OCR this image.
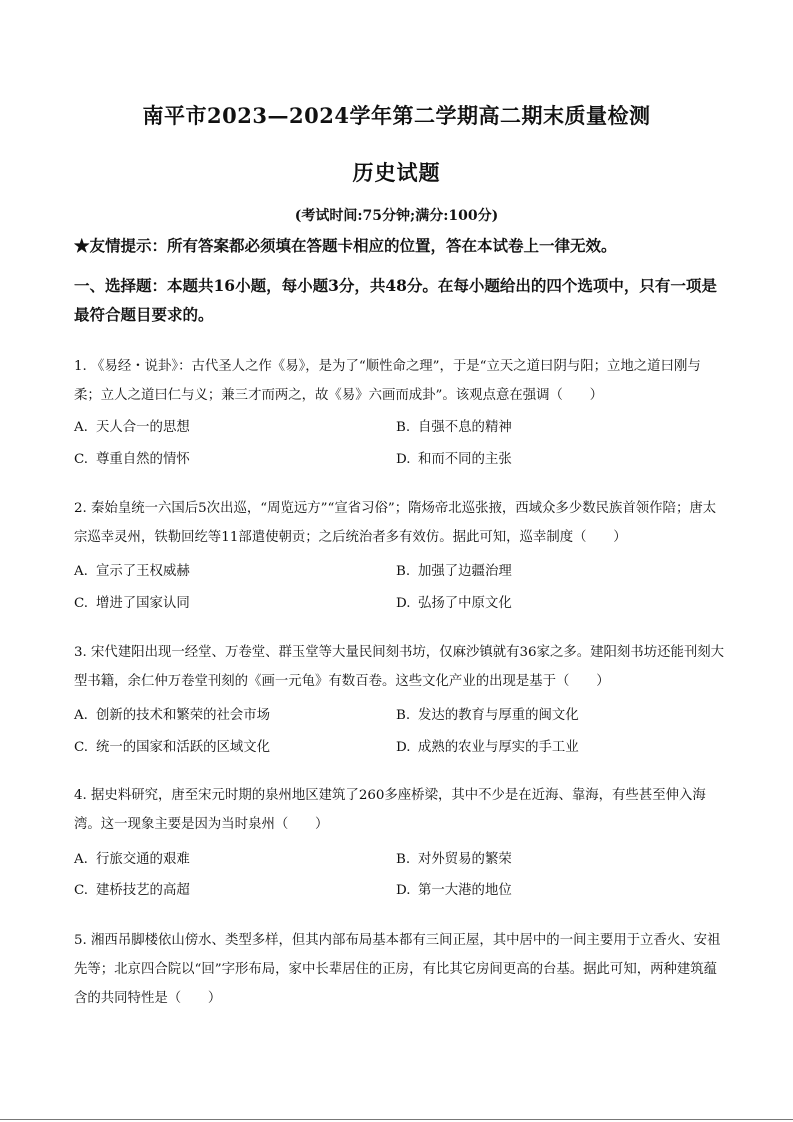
南平市2023—2024学年第二学期高二期末质量检测
历史试题
(考试时间:75分钟;满分:100分)
★友情提示：所有答案都必须填在答题卡相应的位置，答在本试卷上一律无效。
一、选择题：本题共16小题，每小题3分，共48分。在每小题给出的四个选项中，只有一项是最符合题目要求的。
1. 《易经・说卦》：古代圣人之作《易》，是为了“顺性命之理”，于是“立天之道曰阴与阳；立地之道曰刚与柔；立人之道曰仁与义；兼三才而两之，故《易》六画而成卦”。该观点意在强调（　　）
A. 天人合一的思想	B. 自强不息的精神
C. 尊重自然的情怀	D. 和而不同的主张
2. 秦始皇统一六国后5次出巡，“周览远方”“宣省习俗”；隋炀帝北巡张掖，西域众多少数民族首领作陪；唐太宗巡幸灵州，铁勒回纥等11部遣使朝贡；之后统治者多有效仿。据此可知，巡幸制度（　　）
A. 宣示了王权威赫	B. 加强了边疆治理
C. 增进了国家认同	D. 弘扬了中原文化
3. 宋代建阳出现一经堂、万卷堂、群玉堂等大量民间刻书坊，仅麻沙镇就有36家之多。建阳刻书坊还能刊刻大型书籍，余仁仲万卷堂刊刻的《画一元龟》有数百卷。这些文化产业的出现是基于（　　）
A. 创新的技术和繁荣的社会市场	B. 发达的教育与厚重的闽文化
C. 统一的国家和活跃的区域文化	D. 成熟的农业与厚实的手工业
4. 据史料研究，唐至宋元时期的泉州地区建筑了260多座桥梁，其中不少是在近海、靠海，有些甚至伸入海湾。这一现象主要是因为当时泉州（　　）
A. 行旅交通的艰难	B. 对外贸易的繁荣
C. 建桥技艺的高超	D. 第一大港的地位
5. 湘西吊脚楼依山傍水、类型多样，但其内部布局基本都有三间正屋，其中居中的一间主要用于立香火、安祖先等；北京四合院以“回”字形布局，家中长辈居住的正房，有比其它房间更高的台基。据此可知，两种建筑蕴含的共同特性是（　　）
